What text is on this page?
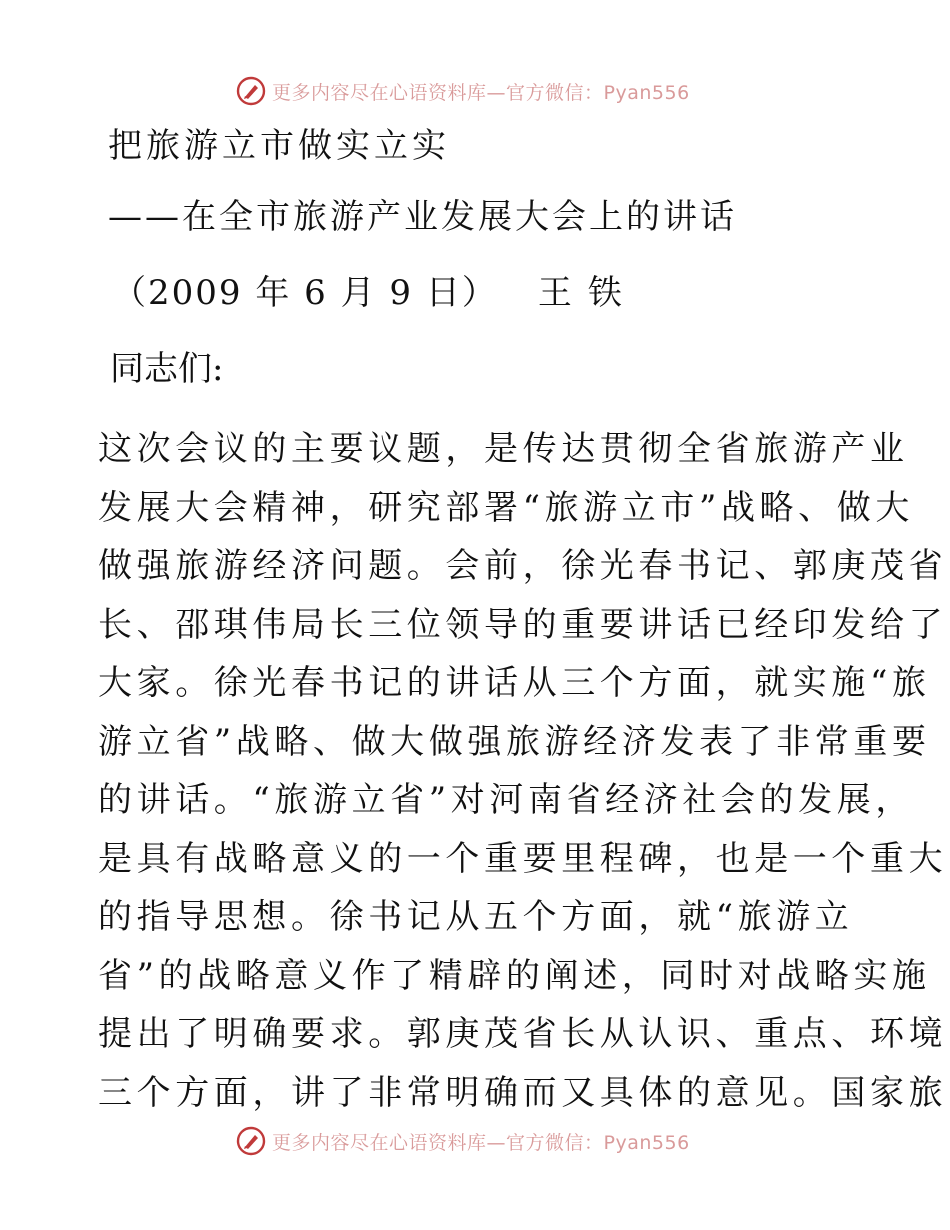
更多内容尽在心语资料库—官方微信：Pyan556
把旅游立市做实立实
——在全市旅游产业发展大会上的讲话
（2009 年 6 月 9 日） 王铁
同志们:
这次会议的主要议题，是传达贯彻全省旅游产业
发展大会精神，研究部署“旅游立市”战略、做大
做强旅游经济问题。会前，徐光春书记、郭庚茂省
长、邵琪伟局长三位领导的重要讲话已经印发给了
大家。徐光春书记的讲话从三个方面，就实施“旅
游立省”战略、做大做强旅游经济发表了非常重要
的讲话。“旅游立省”对河南省经济社会的发展，
是具有战略意义的一个重要里程碑，也是一个重大
的指导思想。徐书记从五个方面，就“旅游立
省”的战略意义作了精辟的阐述，同时对战略实施
提出了明确要求。郭庚茂省长从认识、重点、环境
三个方面，讲了非常明确而又具体的意见。国家旅
更多内容尽在心语资料库—官方微信：Pyan556
